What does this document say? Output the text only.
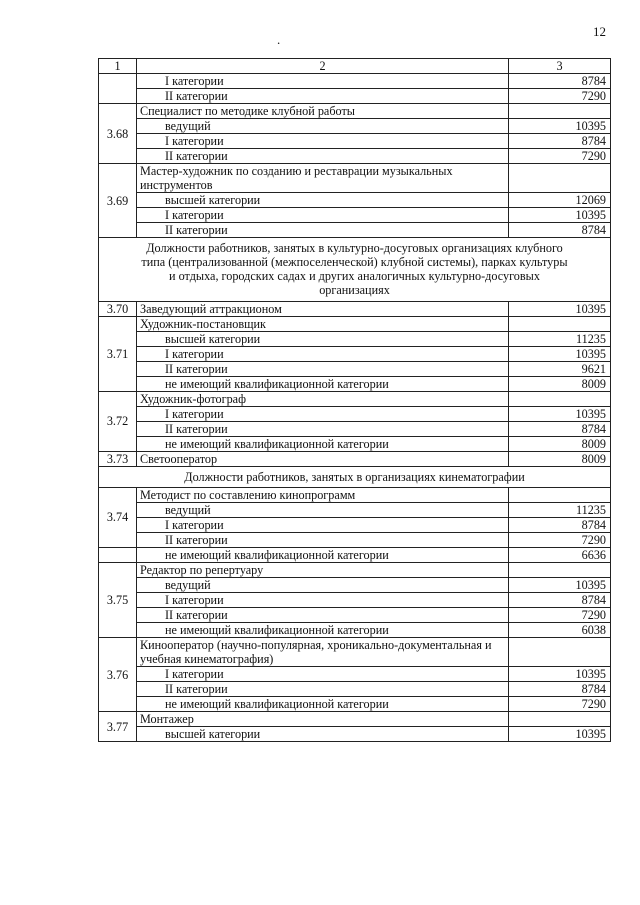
12
.
1	2	3
	I категории	8784
	II категории	7290
3.68	Специалист по методике клубной работы	
	ведущий	10395
	I категории	8784
	II категории	7290
3.69	Мастер-художник по созданию и реставрации музыкальных инструментов	
	высшей категории	12069
	I категории	10395
	II категории	8784
Должности работников, занятых в культурно-досуговых организациях клубного типа (централизованной (межпоселенческой) клубной системы), парках культуры и отдыха, городских садах и других аналогичных культурно-досуговых организациях		
3.70	Заведующий аттракционом	10395
3.71	Художник-постановщик	
	высшей категории	11235
	I категории	10395
	II категории	9621
	не имеющий квалификационной категории	8009
3.72	Художник-фотограф	
	I категории	10395
	II категории	8784
	не имеющий квалификационной категории	8009
3.73	Светооператор	8009
Должности работников, занятых в организациях кинематографии		
3.74	Методист по составлению кинопрограмм	
	ведущий	11235
	I категории	8784
	II категории	7290
	не имеющий квалификационной категории	6636
3.75	Редактор по репертуару	
	ведущий	10395
	I категории	8784
	II категории	7290
	не имеющий квалификационной категории	6038
3.76	Кинооператор (научно-популярная, хроникально-документальная и учебная кинематография)	
	I категории	10395
	II категории	8784
	не имеющий квалификационной категории	7290
3.77	Монтажер	
	высшей категории	10395
